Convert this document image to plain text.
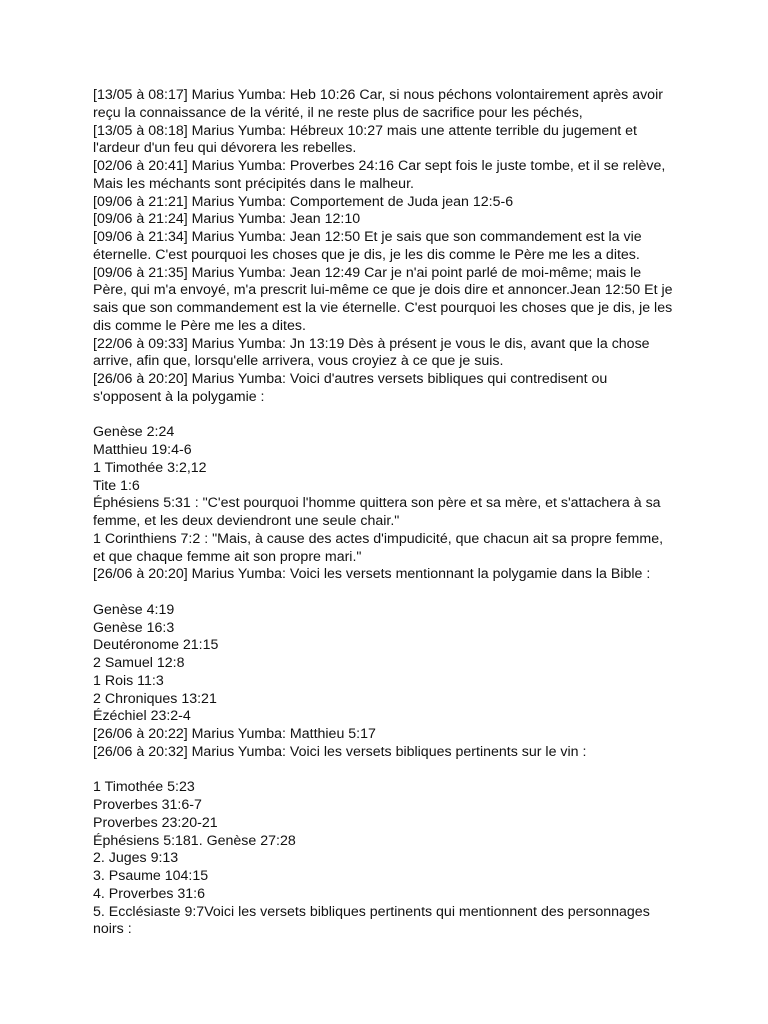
[13/05 à 08:17] Marius Yumba: Heb 10:26 Car, si nous péchons volontairement après avoir
reçu la connaissance de la vérité, il ne reste plus de sacrifice pour les péchés,
[13/05 à 08:18] Marius Yumba: Hébreux 10:27 mais une attente terrible du jugement et
l'ardeur d'un feu qui dévorera les rebelles.
[02/06 à 20:41] Marius Yumba: Proverbes 24:16 Car sept fois le juste tombe, et il se relève,
Mais les méchants sont précipités dans le malheur.
[09/06 à 21:21] Marius Yumba: Comportement de Juda jean 12:5-6
[09/06 à 21:24] Marius Yumba: Jean 12:10
[09/06 à 21:34] Marius Yumba: Jean 12:50 Et je sais que son commandement est la vie
éternelle. C'est pourquoi les choses que je dis, je les dis comme le Père me les a dites.
[09/06 à 21:35] Marius Yumba: Jean 12:49 Car je n'ai point parlé de moi-même; mais le
Père, qui m'a envoyé, m'a prescrit lui-même ce que je dois dire et annoncer.Jean 12:50 Et je
sais que son commandement est la vie éternelle. C'est pourquoi les choses que je dis, je les
dis comme le Père me les a dites.
[22/06 à 09:33] Marius Yumba: Jn 13:19 Dès à présent je vous le dis, avant que la chose
arrive, afin que, lorsqu'elle arrivera, vous croyiez à ce que je suis.
[26/06 à 20:20] Marius Yumba: Voici d'autres versets bibliques qui contredisent ou
s'opposent à la polygamie :
Genèse 2:24
Matthieu 19:4-6
1 Timothée 3:2,12
Tite 1:6
Éphésiens 5:31 : "C'est pourquoi l'homme quittera son père et sa mère, et s'attachera à sa
femme, et les deux deviendront une seule chair."
1 Corinthiens 7:2 : "Mais, à cause des actes d'impudicité, que chacun ait sa propre femme,
et que chaque femme ait son propre mari."
[26/06 à 20:20] Marius Yumba: Voici les versets mentionnant la polygamie dans la Bible :
Genèse 4:19
Genèse 16:3
Deutéronome 21:15
2 Samuel 12:8
1 Rois 11:3
2 Chroniques 13:21
Ézéchiel 23:2-4
[26/06 à 20:22] Marius Yumba: Matthieu 5:17
[26/06 à 20:32] Marius Yumba: Voici les versets bibliques pertinents sur le vin :
1 Timothée 5:23
Proverbes 31:6-7
Proverbes 23:20-21
Éphésiens 5:181. Genèse 27:28
2. Juges 9:13
3. Psaume 104:15
4. Proverbes 31:6
5. Ecclésiaste 9:7Voici les versets bibliques pertinents qui mentionnent des personnages
noirs :
